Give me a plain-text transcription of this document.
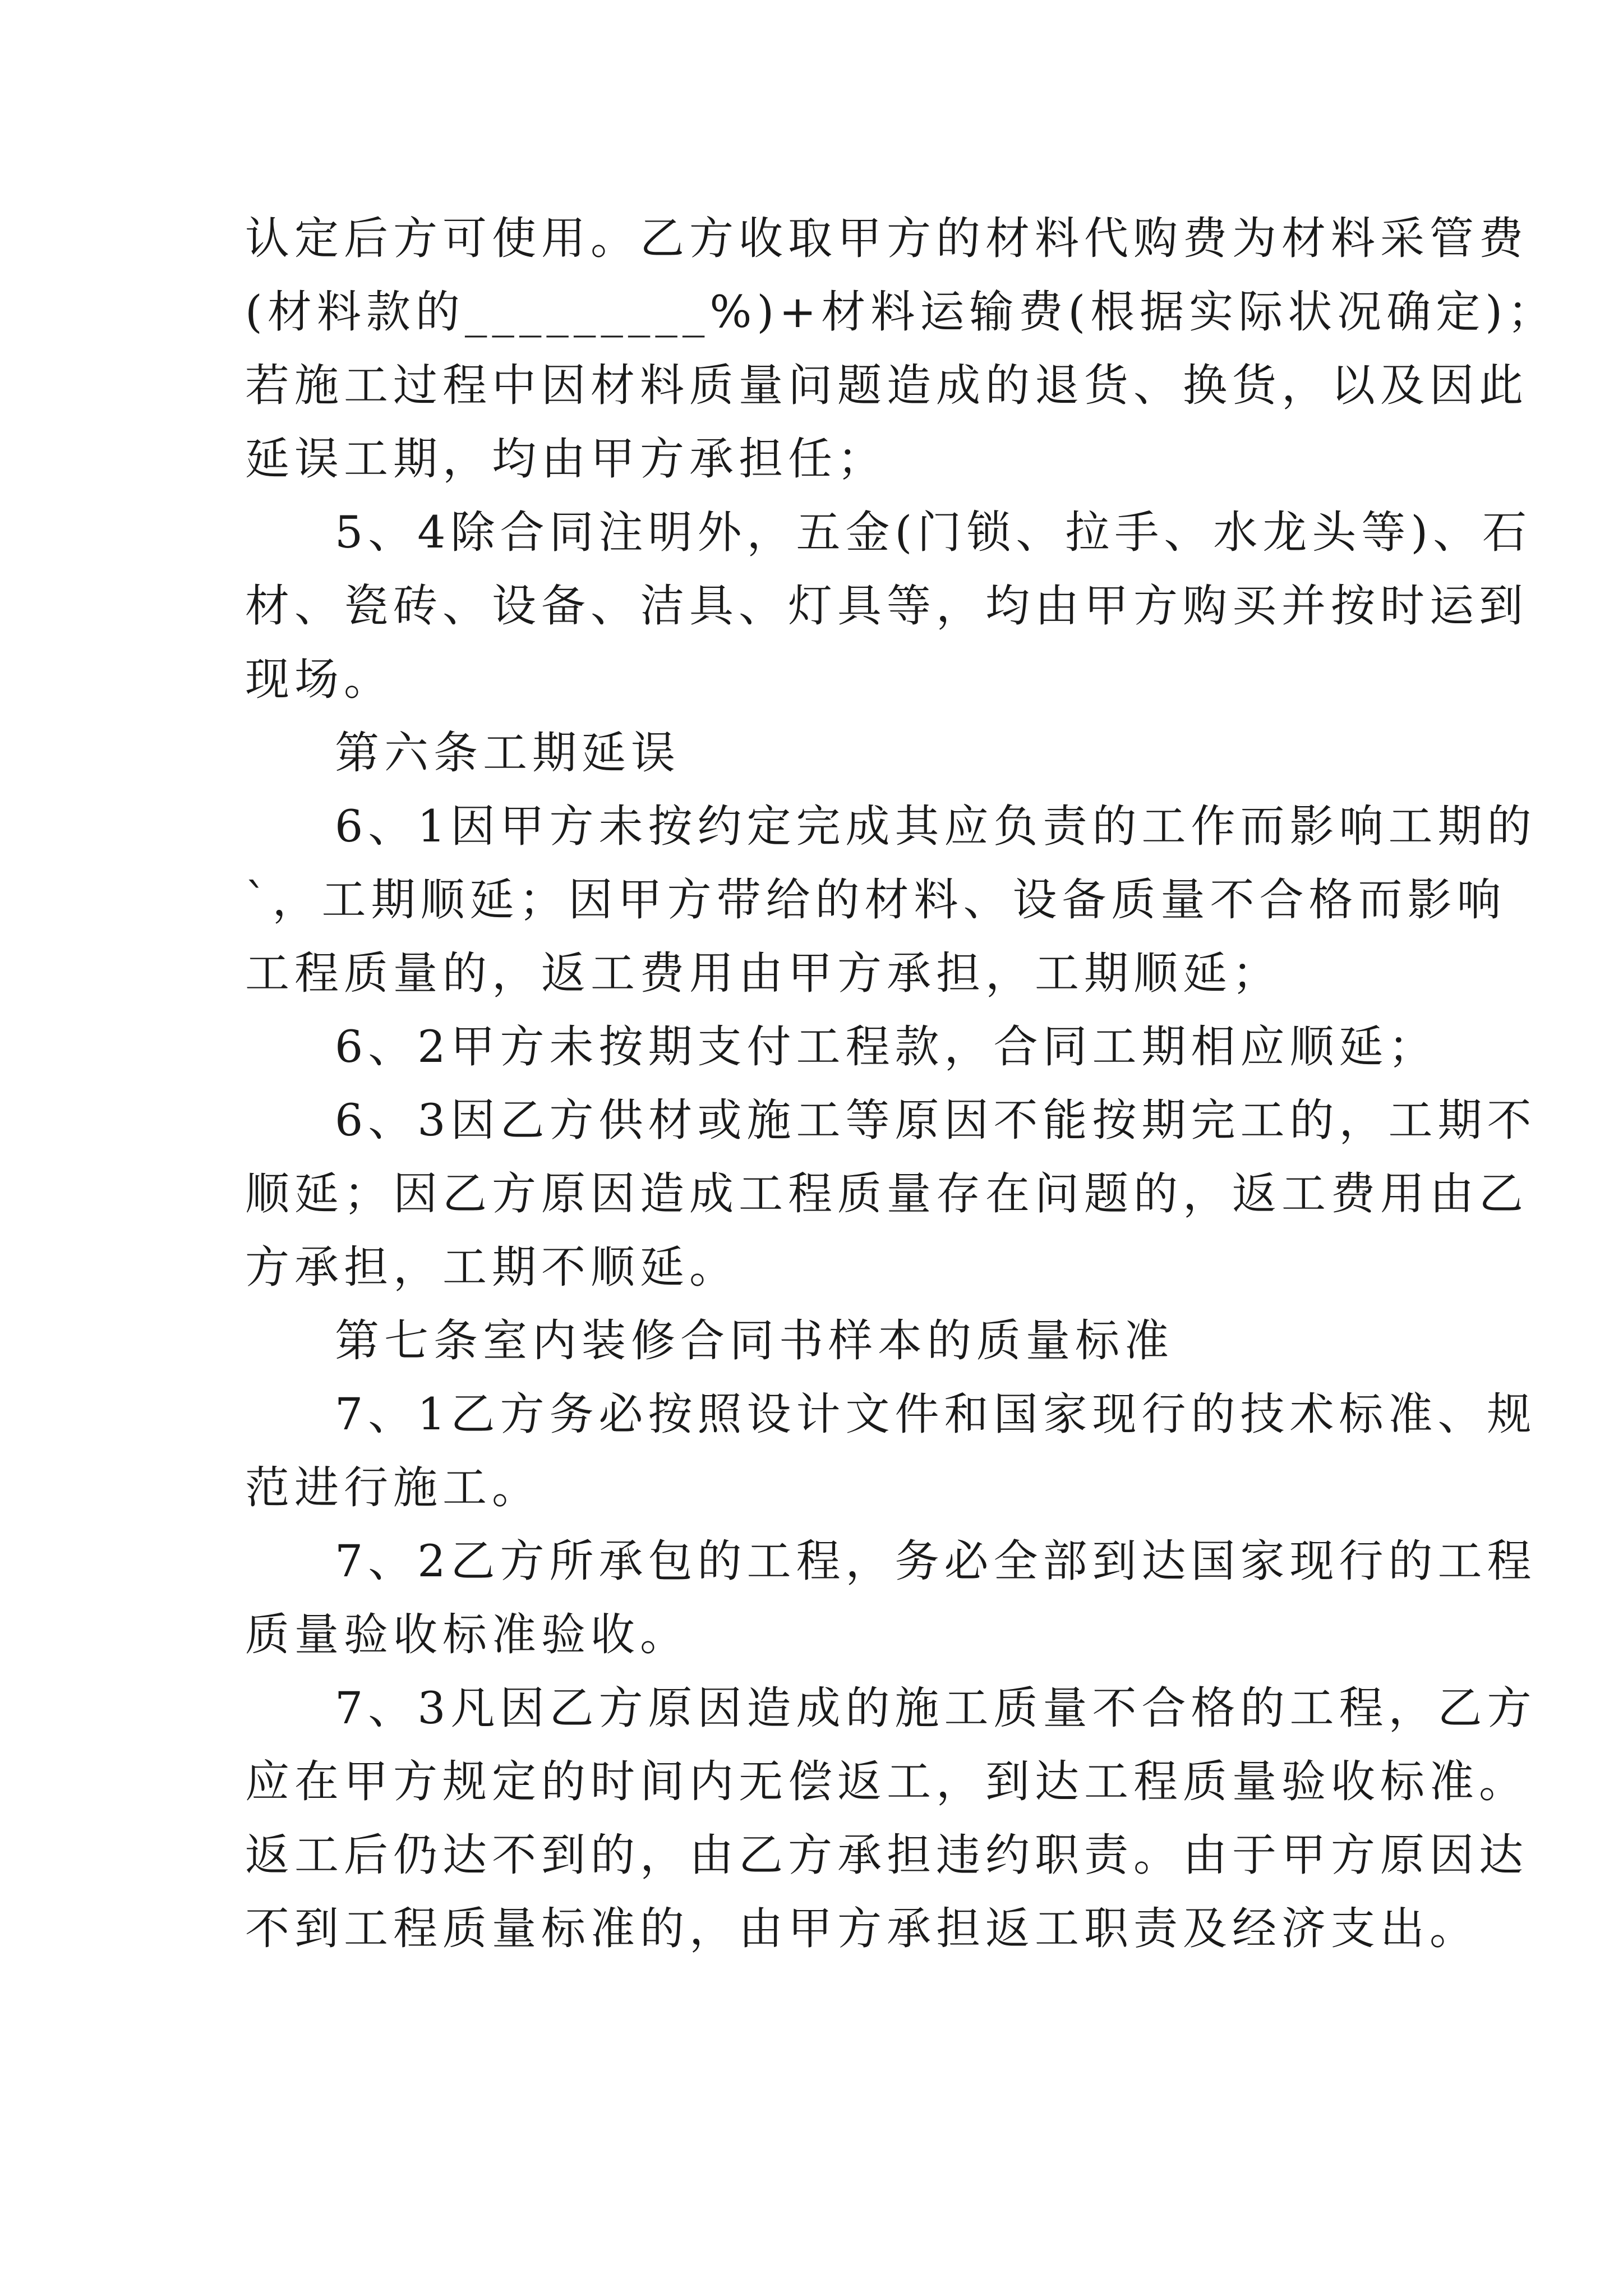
认定后方可使用。乙方收取甲方的材料代购费为材料采管费
(材料款的_________%)+材料运输费(根据实际状况确定)；
若施工过程中因材料质量问题造成的退货、换货，以及因此
延误工期，均由甲方承担任；
5、4除合同注明外，五金(门锁、拉手、水龙头等)、石
材、瓷砖、设备、洁具、灯具等，均由甲方购买并按时运到
现场。
第六条工期延误
6、1因甲方未按约定完成其应负责的工作而影响工期的
`，工期顺延；因甲方带给的材料、设备质量不合格而影响
工程质量的，返工费用由甲方承担，工期顺延；
6、2甲方未按期支付工程款，合同工期相应顺延；
6、3因乙方供材或施工等原因不能按期完工的，工期不
顺延；因乙方原因造成工程质量存在问题的，返工费用由乙
方承担，工期不顺延。
第七条室内装修合同书样本的质量标准
7、1乙方务必按照设计文件和国家现行的技术标准、规
范进行施工。
7、2乙方所承包的工程，务必全部到达国家现行的工程
质量验收标准验收。
7、3凡因乙方原因造成的施工质量不合格的工程，乙方
应在甲方规定的时间内无偿返工，到达工程质量验收标准。
返工后仍达不到的，由乙方承担违约职责。由于甲方原因达
不到工程质量标准的，由甲方承担返工职责及经济支出。
